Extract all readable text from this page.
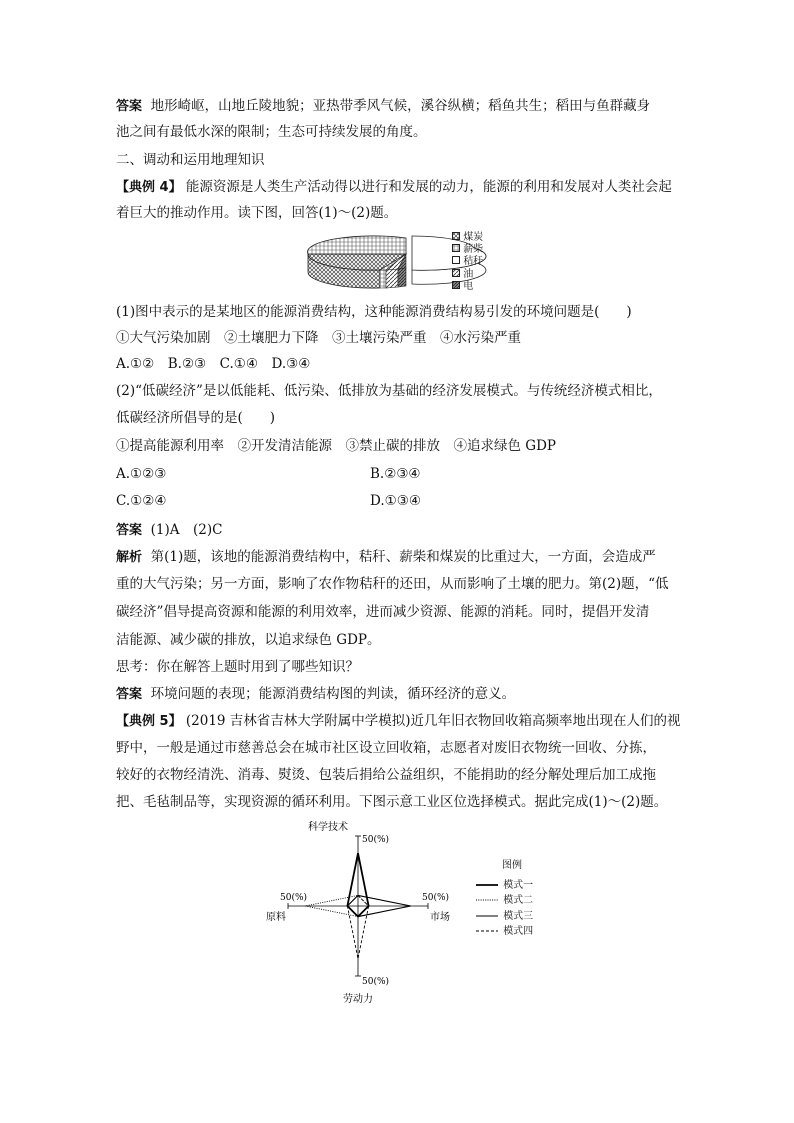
答案 地形崎岖，山地丘陵地貌；亚热带季风气候，溪谷纵横；稻鱼共生；稻田与鱼群藏身
池之间有最低水深的限制；生态可持续发展的角度。
二、调动和运用地理知识
【典例 4】 能源资源是人类生产活动得以进行和发展的动力，能源的利用和发展对人类社会起
着巨大的推动作用。读下图，回答(1)～(2)题。
煤炭
薪柴
秸秆
油
电
(1)图中表示的是某地区的能源消费结构，这种能源消费结构易引发的环境问题是(　　)
①大气污染加剧　②土壤肥力下降　③土壤污染严重　④水污染严重
A.①②　B.②③　C.①④　D.③④
(2)“低碳经济”是以低能耗、低污染、低排放为基础的经济发展模式。与传统经济模式相比，
低碳经济所倡导的是(　　)
①提高能源利用率　②开发清洁能源　③禁止碳的排放　④追求绿色 GDP
A.①②③	B.②③④
C.①②④	D.①③④
答案 (1)A　(2)C
解析 第(1)题，该地的能源消费结构中，秸秆、薪柴和煤炭的比重过大，一方面，会造成严
重的大气污染；另一方面，影响了农作物秸秆的还田，从而影响了土壤的肥力。第(2)题，“低
碳经济”倡导提高资源和能源的利用效率，进而减少资源、能源的消耗。同时，提倡开发清
洁能源、减少碳的排放，以追求绿色 GDP。
思考：你在解答上题时用到了哪些知识？
答案 环境问题的表现；能源消费结构图的判读，循环经济的意义。
【典例 5】 (2019 吉林省吉林大学附属中学模拟)近几年旧衣物回收箱高频率地出现在人们的视
野中，一般是通过市慈善总会在城市社区设立回收箱，志愿者对废旧衣物统一回收、分拣，
较好的衣物经清洗、消毒、熨烫、包装后捐给公益组织，不能捐助的经分解处理后加工成拖
把、毛毡制品等，实现资源的循环利用。下图示意工业区位选择模式。据此完成(1)～(2)题。
科学技术
市场
劳动力
原料
50(%)
50(%)
50(%)
50(%)
图例
模式一
模式二
模式三
模式四
